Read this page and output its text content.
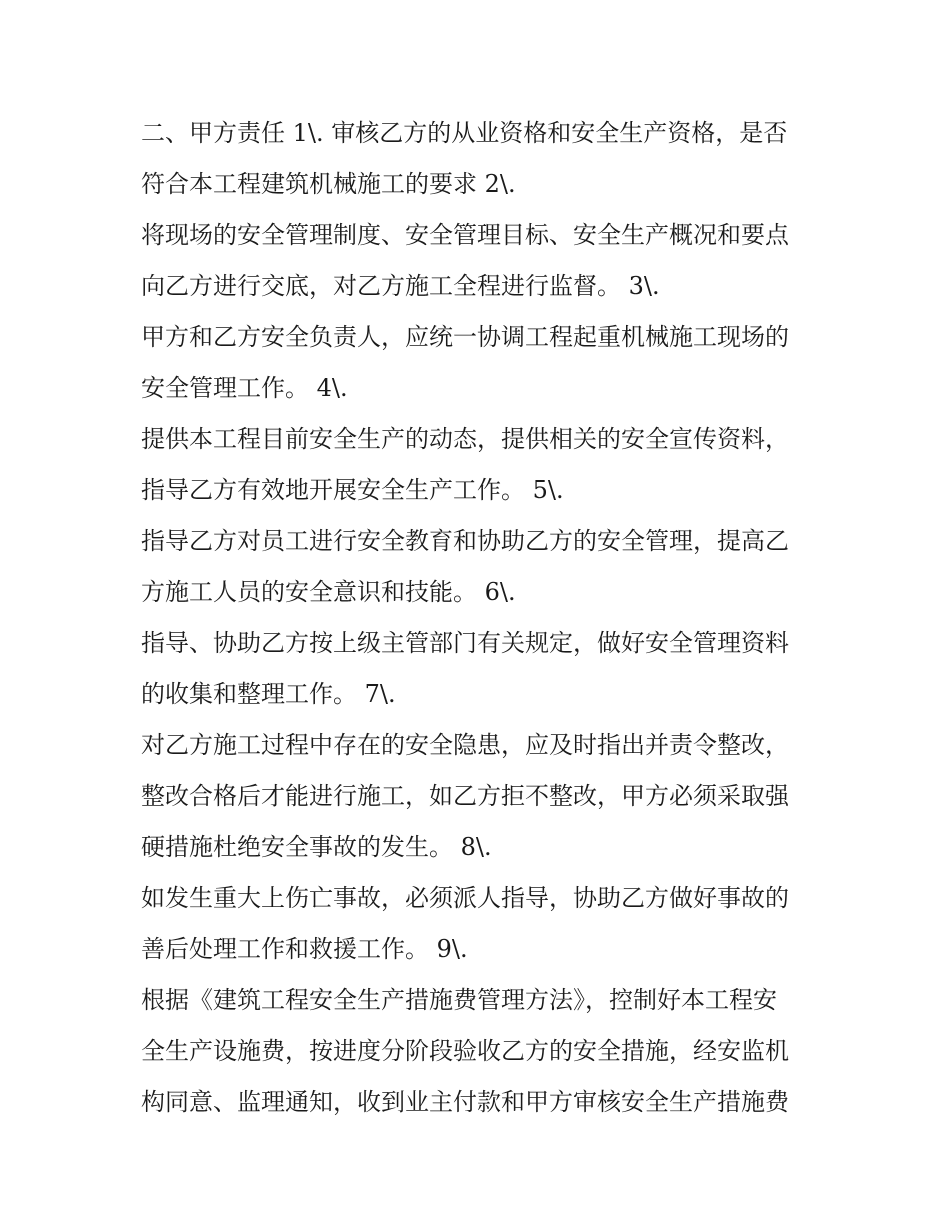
二、甲方责任 1\. 审核乙方的从业资格和安全生产资格，是否
符合本工程建筑机械施工的要求 2\.
将现场的安全管理制度、安全管理目标、安全生产概况和要点
向乙方进行交底，对乙方施工全程进行监督。 3\.
甲方和乙方安全负责人，应统一协调工程起重机械施工现场的
安全管理工作。 4\.
提供本工程目前安全生产的动态，提供相关的安全宣传资料，
指导乙方有效地开展安全生产工作。 5\.
指导乙方对员工进行安全教育和协助乙方的安全管理，提高乙
方施工人员的安全意识和技能。 6\.
指导、协助乙方按上级主管部门有关规定，做好安全管理资料
的收集和整理工作。 7\.
对乙方施工过程中存在的安全隐患，应及时指出并责令整改，
整改合格后才能进行施工，如乙方拒不整改，甲方必须采取强
硬措施杜绝安全事故的发生。 8\.
如发生重大上伤亡事故，必须派人指导，协助乙方做好事故的
善后处理工作和救援工作。 9\.
根据《建筑工程安全生产措施费管理方法》，控制好本工程安
全生产设施费，按进度分阶段验收乙方的安全措施，经安监机
构同意、监理通知，收到业主付款和甲方审核安全生产措施费
